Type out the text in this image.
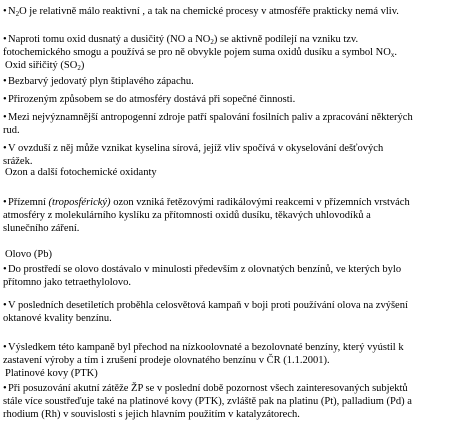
$•N_2O$ je relativně málo reaktivní , a tak na chemické procesy v atmosféře prakticky nemá vliv.
•Naproti tomu oxid dusnatý a dusičitý (NO a $NO_2$) se aktivně podílejí na vzniku tzv.
fotochemického smogu a používá se pro ně obvykle pojem suma oxidů dusíku a symbol $NO_x$.
Oxid siřičitý $(SO_2)$
•Bezbarvý jedovatý plyn štiplavého zápachu.
•Přirozeným způsobem se do atmosféry dostává při sopečné činnosti.
•Mezi nejvýznamnější antropogenní zdroje patří spalování fosilních paliv a zpracování některých
rud.
•V ovzduší z něj může vznikat kyselina sírová, jejíž vliv spočívá v okyselování dešťových
srážek.
Ozon a další fotochemické oxidanty
•Přízemní (troposférický) ozon vzniká řetězovými radikálovými reakcemi v přízemních vrstvách
atmosféry z molekulárního kyslíku za přítomnosti oxidů dusíku, těkavých uhlovodíků a
slunečního záření.
Olovo (Pb)
•Do prostředí se olovo dostávalo v minulosti především z olovnatých benzínů, ve kterých bylo
přítomno jako tetraethylolovo.
•V posledních desetiletích proběhla celosvětová kampaň v boji proti používání olova na zvýšení
oktanové kvality benzínu.
•Výsledkem této kampaně byl přechod na nízkoolovnaté a bezolovnaté benzíny, který vyústil k
zastavení výroby a tím i zrušení prodeje olovnatého benzínu v ČR (1.1.2001).
Platinové kovy (PTK)
•Při posuzování akutní zátěže ŽP se v poslední době pozornost všech zainteresovaných subjektů
stále více soustřeďuje také na platinové kovy (PTK), zvláště pak na platinu (Pt), palladium (Pd) a
rhodium (Rh) v souvislosti s jejich hlavním použitím v katalyzátorech.
